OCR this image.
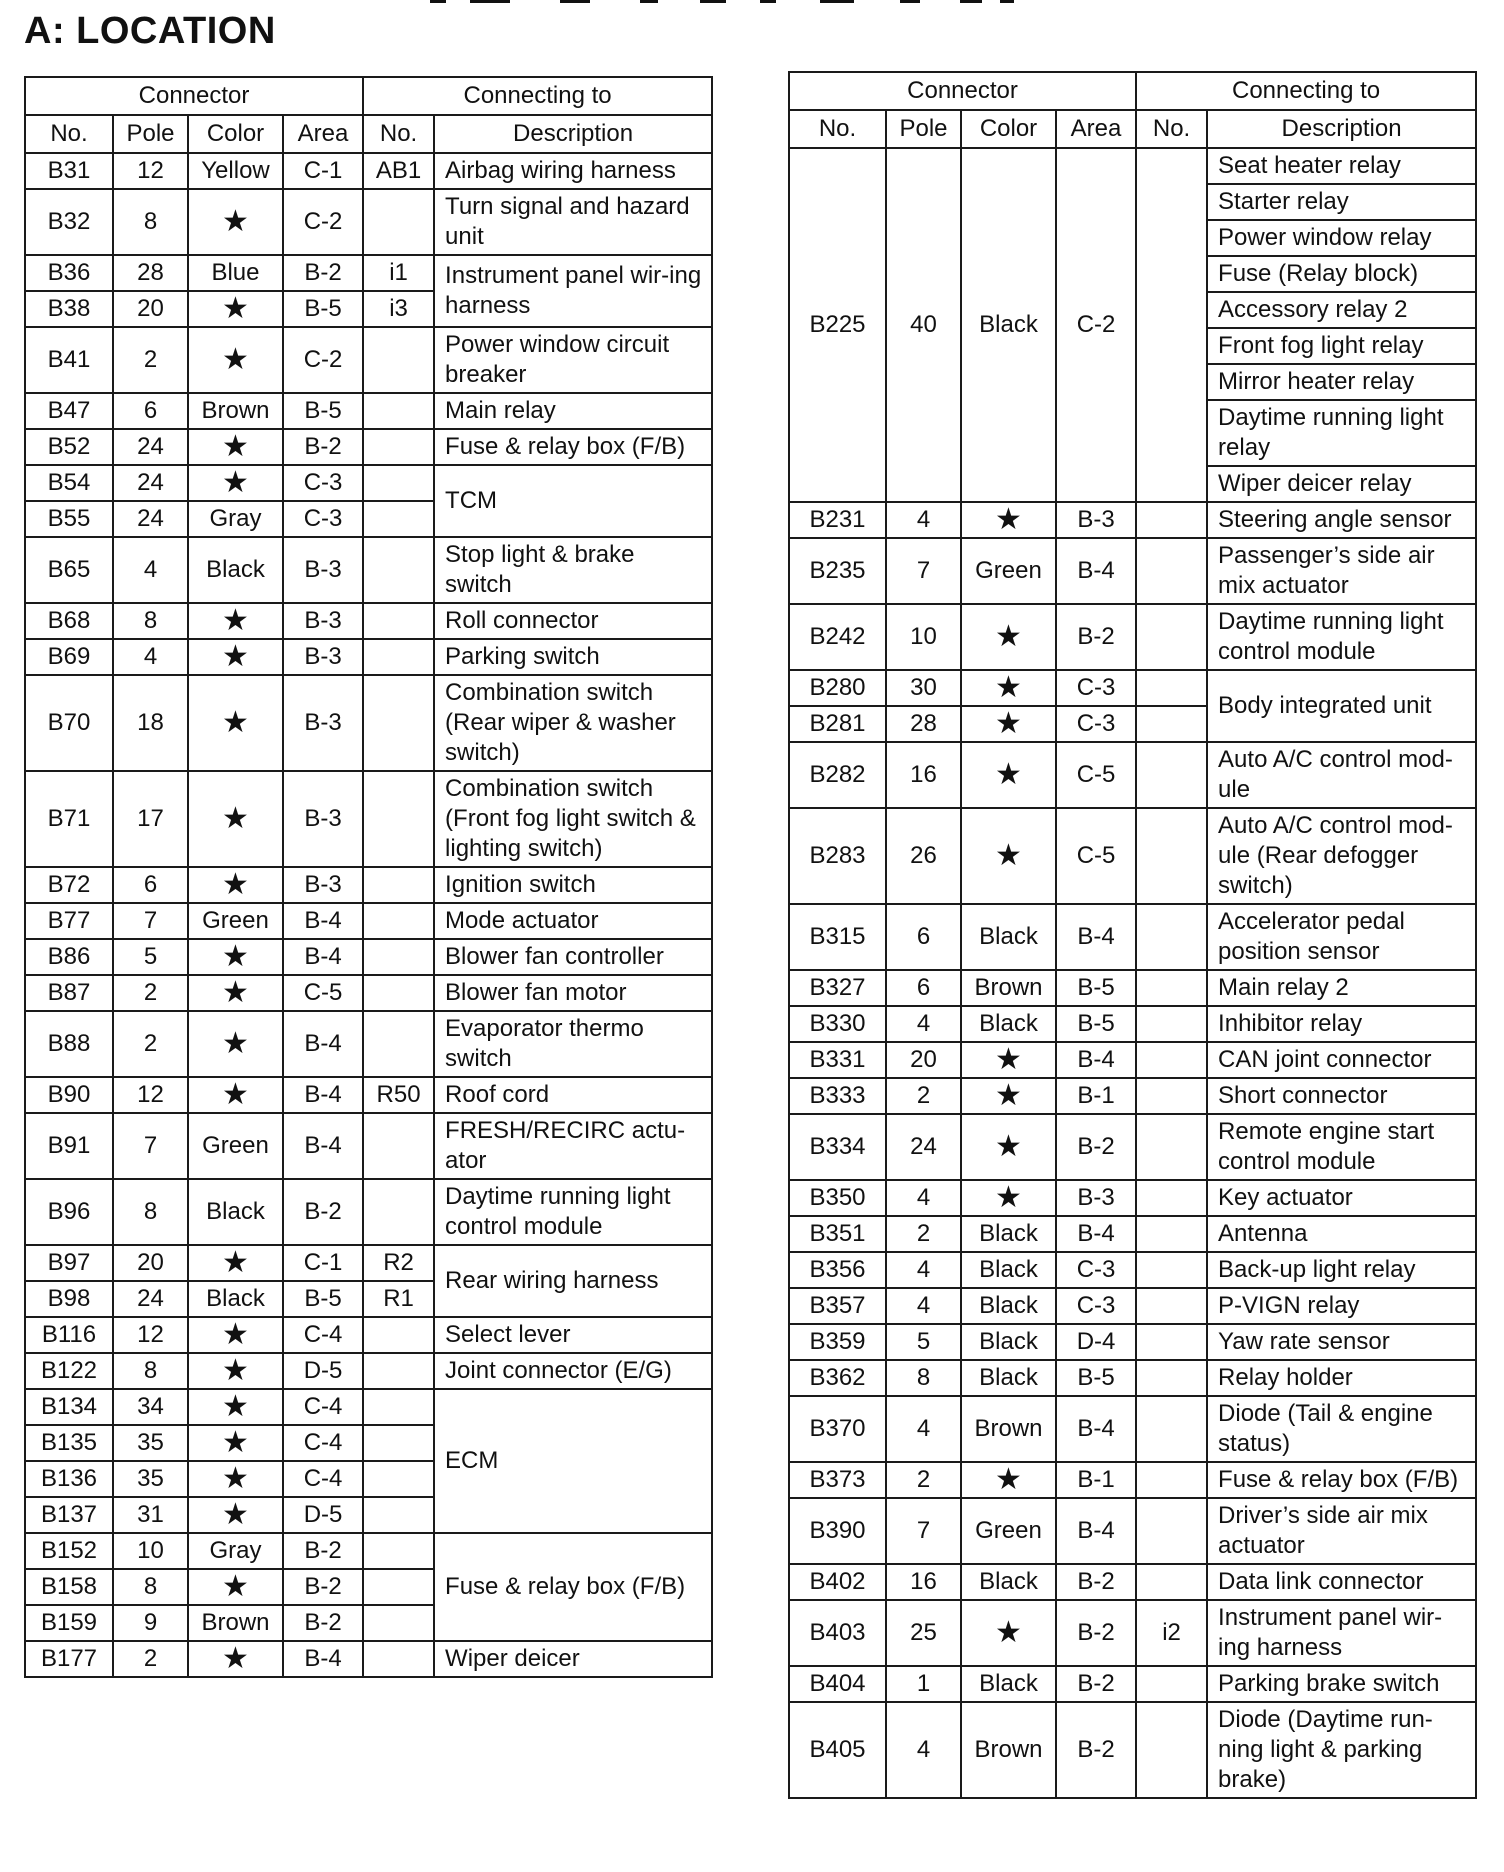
A: LOCATION
Connector				Connecting to	
No.	Pole	Color	Area	No.	Description
B31	12	Yellow	C-1	AB1	Airbag wiring harness
B32	8	★	C-2		Turn signal and hazard unit
B36	28	Blue	B-2	i1	Instrument panel wir-ing harness
B38	20	★	B-5	i3	
B41	2	★	C-2		Power window circuit breaker
B47	6	Brown	B-5		Main relay
B52	24	★	B-2		Fuse & relay box (F/B)
B54	24	★	C-3		TCM
B55	24	Gray	C-3		
B65	4	Black	B-3		Stop light & brake switch
B68	8	★	B-3		Roll connector
B69	4	★	B-3		Parking switch
B70	18	★	B-3		Combination switch (Rear wiper & washer switch)
B71	17	★	B-3		Combination switch (Front fog light switch & lighting switch)
B72	6	★	B-3		Ignition switch
B77	7	Green	B-4		Mode actuator
B86	5	★	B-4		Blower fan controller
B87	2	★	C-5		Blower fan motor
B88	2	★	B-4		Evaporator thermo switch
B90	12	★	B-4	R50	Roof cord
B91	7	Green	B-4		FRESH/RECIRC actu-ator
B96	8	Black	B-2		Daytime running light control module
B97	20	★	C-1	R2	Rear wiring harness
B98	24	Black	B-5	R1	
B116	12	★	C-4		Select lever
B122	8	★	D-5		Joint connector (E/G)
B134	34	★	C-4		ECM
B135	35	★	C-4		
B136	35	★	C-4		
B137	31	★	D-5		
B152	10	Gray	B-2		Fuse & relay box (F/B)
B158	8	★	B-2		
B159	9	Brown	B-2		
B177	2	★	B-4		Wiper deicer
Connector				Connecting to	
No.	Pole	Color	Area	No.	Description
B225	40	Black	C-2		Seat heater relay
					Starter relay
					Power window relay
					Fuse (Relay block)
					Accessory relay 2
					Front fog light relay
					Mirror heater relay
					Daytime running light relay
					Wiper deicer relay
B231	4	★	B-3		Steering angle sensor
B235	7	Green	B-4		Passenger’s side air mix actuator
B242	10	★	B-2		Daytime running light control module
B280	30	★	C-3		Body integrated unit
B281	28	★	C-3		
B282	16	★	C-5		Auto A/C control mod-ule
B283	26	★	C-5		Auto A/C control mod-ule (Rear defogger switch)
B315	6	Black	B-4		Accelerator pedal position sensor
B327	6	Brown	B-5		Main relay 2
B330	4	Black	B-5		Inhibitor relay
B331	20	★	B-4		CAN joint connector
B333	2	★	B-1		Short connector
B334	24	★	B-2		Remote engine start control module
B350	4	★	B-3		Key actuator
B351	2	Black	B-4		Antenna
B356	4	Black	C-3		Back-up light relay
B357	4	Black	C-3		P-VIGN relay
B359	5	Black	D-4		Yaw rate sensor
B362	8	Black	B-5		Relay holder
B370	4	Brown	B-4		Diode (Tail & engine status)
B373	2	★	B-1		Fuse & relay box (F/B)
B390	7	Green	B-4		Driver’s side air mix actuator
B402	16	Black	B-2		Data link connector
B403	25	★	B-2	i2	Instrument panel wir-ing harness
B404	1	Black	B-2		Parking brake switch
B405	4	Brown	B-2		Diode (Daytime run-ning light & parking brake)
